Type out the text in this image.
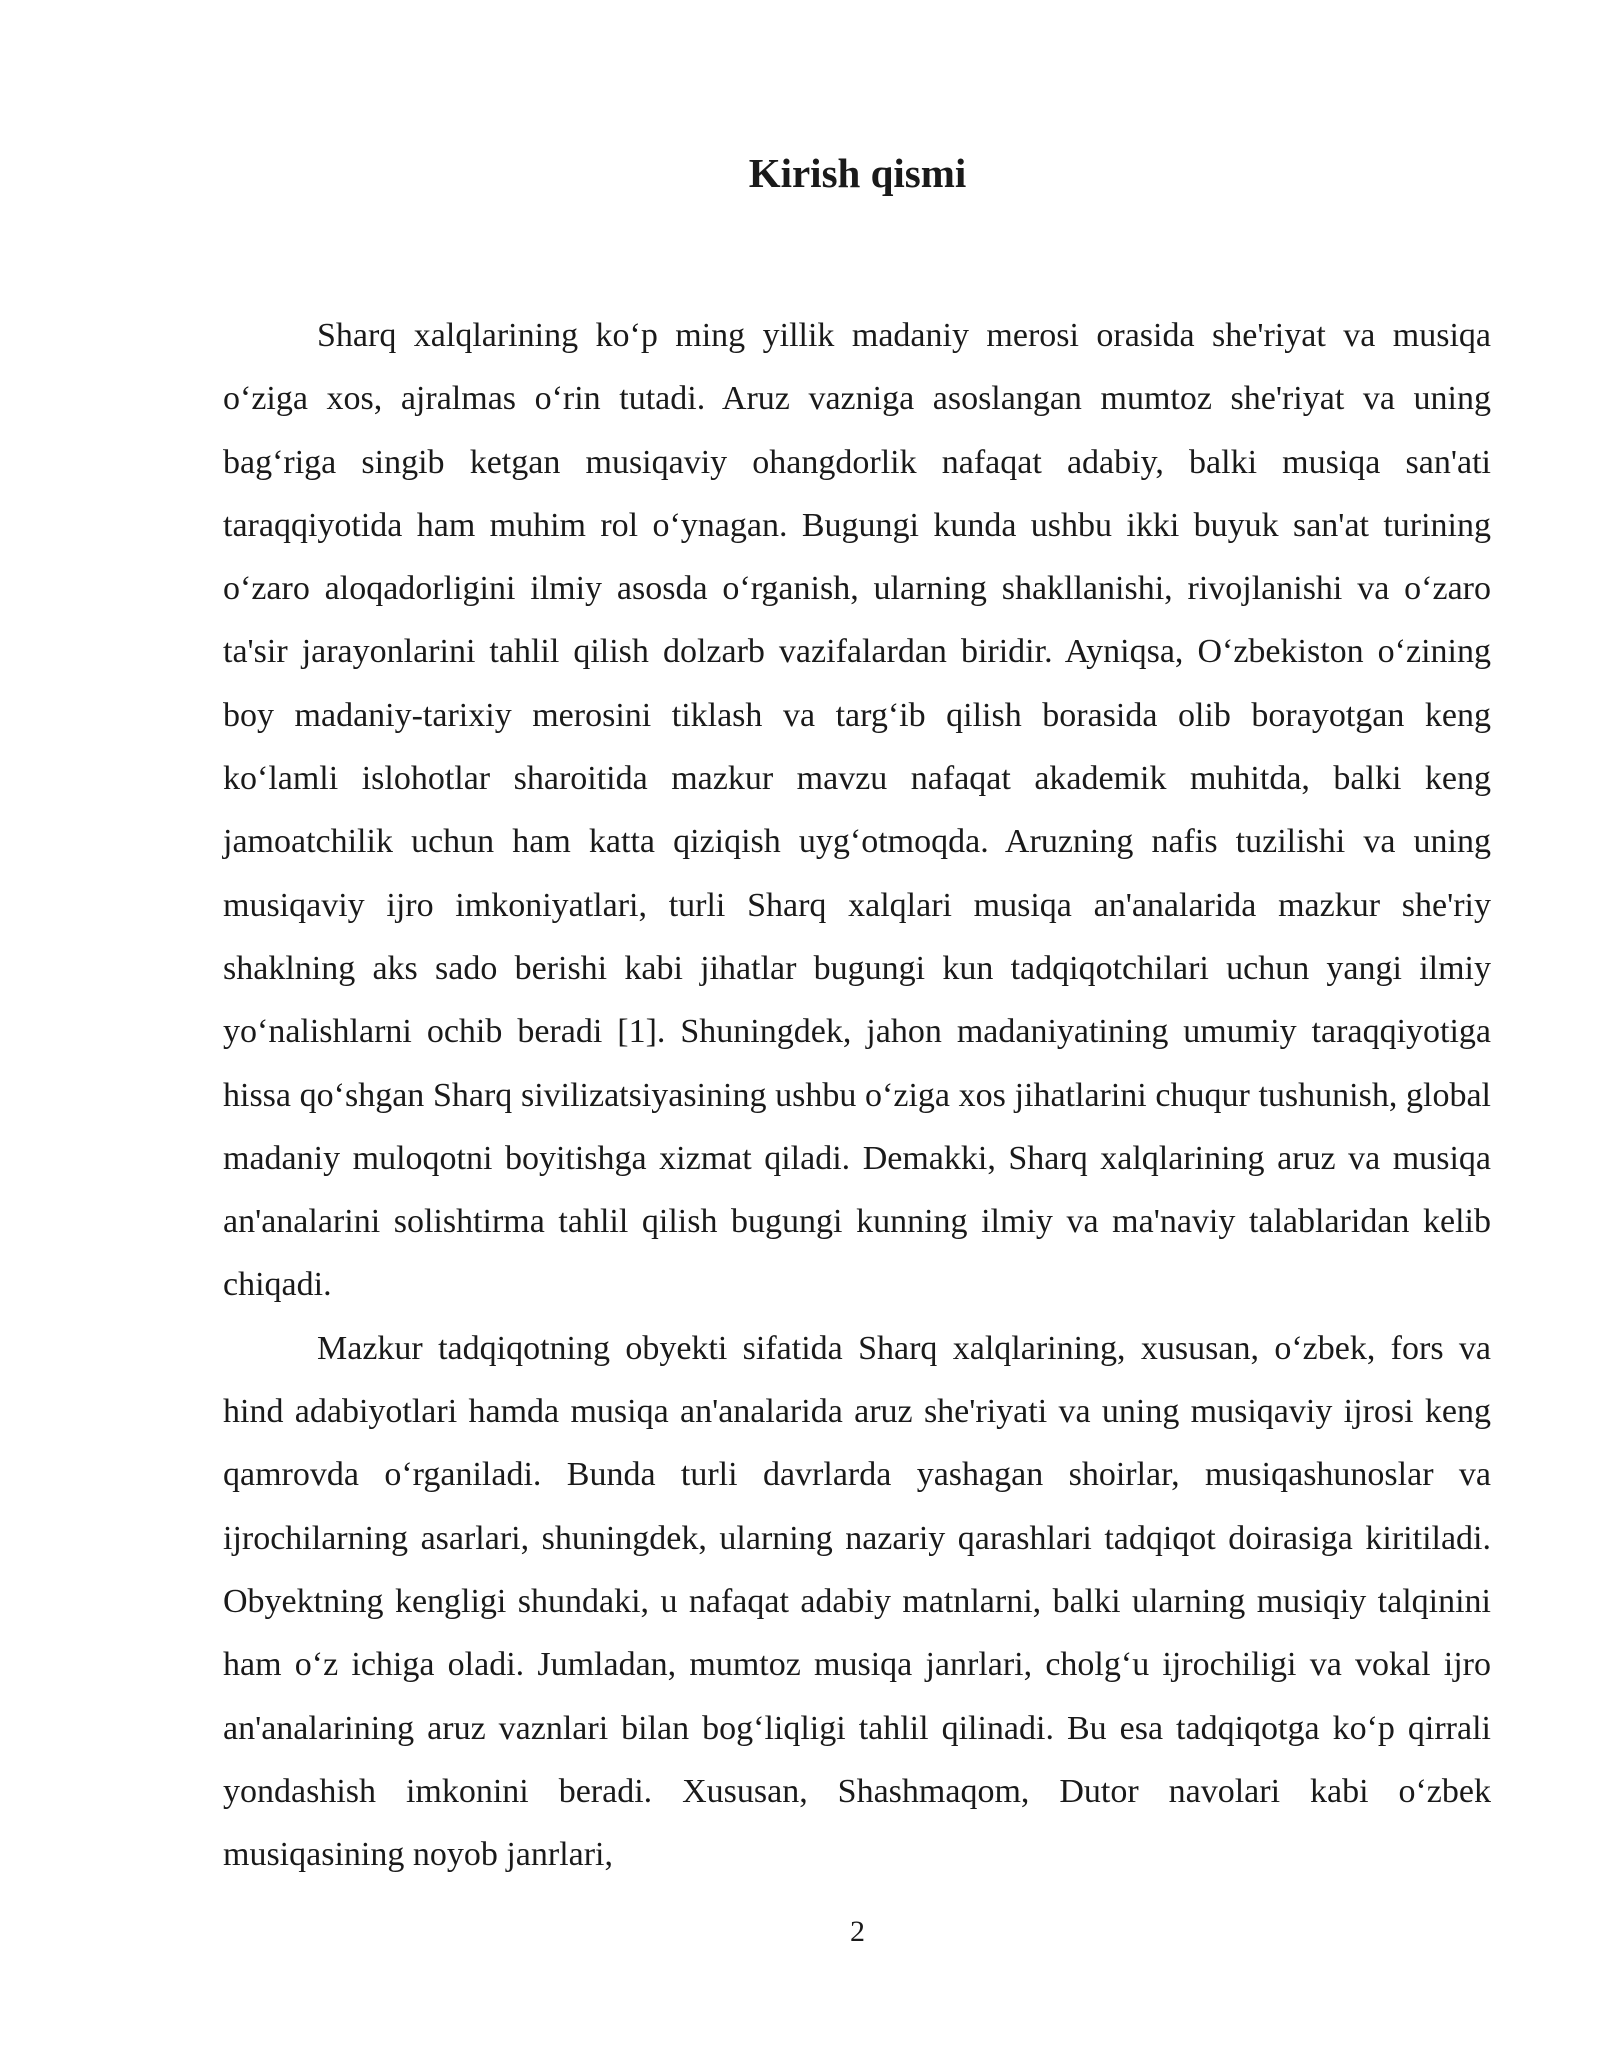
Kirish qismi

Sharq xalqlarining ko‘p ming yillik madaniy merosi orasida she'riyat va musiqa o‘ziga xos, ajralmas o‘rin tutadi. Aruz vazniga asoslangan mumtoz she'riyat va uning bag‘riga singib ketgan musiqaviy ohangdorlik nafaqat adabiy, balki musiqa san'ati taraqqiyotida ham muhim rol o‘ynagan. Bugungi kunda ushbu ikki buyuk san'at turining o‘zaro aloqadorligini ilmiy asosda o‘rganish, ularning shakllanishi, rivojlanishi va o‘zaro ta'sir jarayonlarini tahlil qilish dolzarb vazifalardan biridir. Ayniqsa, O‘zbekiston o‘zining boy madaniy-tarixiy merosini tiklash va targ‘ib qilish borasida olib borayotgan keng ko‘lamli islohotlar sharoitida mazkur mavzu nafaqat akademik muhitda, balki keng jamoatchilik uchun ham katta qiziqish uyg‘otmoqda. Aruzning nafis tuzilishi va uning musiqaviy ijro imkoniyatlari, turli Sharq xalqlari musiqa an'analarida mazkur she'riy shaklning aks sado berishi kabi jihatlar bugungi kun tadqiqotchilari uchun yangi ilmiy yo‘nalishlarni ochib beradi [1]. Shuningdek, jahon madaniyatining umumiy taraqqiyotiga hissa qo‘shgan Sharq sivilizatsiyasining ushbu o‘ziga xos jihatlarini chuqur tushunish, global madaniy muloqotni boyitishga xizmat qiladi. Demakki, Sharq xalqlarining aruz va musiqa an'analarini solishtirma tahlil qilish bugungi kunning ilmiy va ma'naviy talablaridan kelib chiqadi.

Mazkur tadqiqotning obyekti sifatida Sharq xalqlarining, xususan, o‘zbek, fors va hind adabiyotlari hamda musiqa an'analarida aruz she'riyati va uning musiqaviy ijrosi keng qamrovda o‘rganiladi. Bunda turli davrlarda yashagan shoirlar, musiqashunoslar va ijrochilarning asarlari, shuningdek, ularning nazariy qarashlari tadqiqot doirasiga kiritiladi. Obyektning kengligi shundaki, u nafaqat adabiy matnlarni, balki ularning musiqiy talqinini ham o‘z ichiga oladi. Jumladan, mumtoz musiqa janrlari, cholg‘u ijrochiligi va vokal ijro an'analarining aruz vaznlari bilan bog‘liqligi tahlil qilinadi. Bu esa tadqiqotga ko‘p qirrali yondashish imkonini beradi. Xususan, Shashmaqom, Dutor navolari kabi o‘zbek musiqasining noyob janrlari,

2
